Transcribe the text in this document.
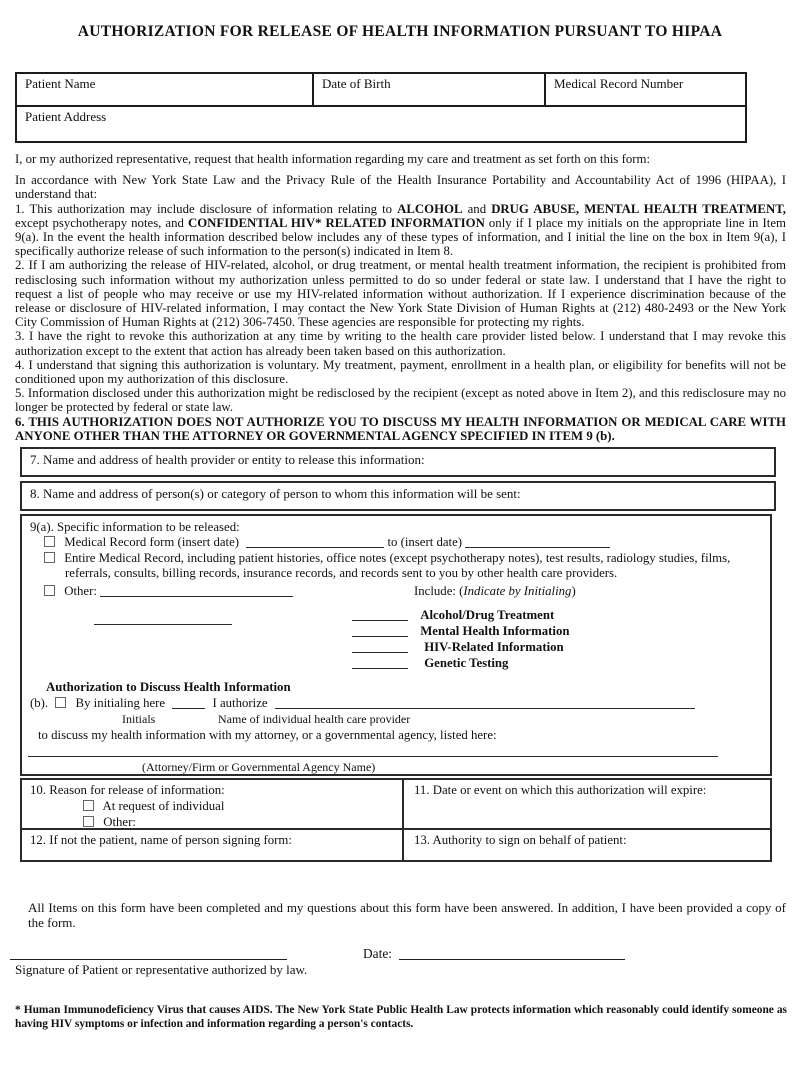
AUTHORIZATION FOR RELEASE OF HEALTH INFORMATION PURSUANT TO HIPAA
Patient Name	Date of Birth	Medical Record Number
Patient Address
I, or my authorized representative, request that health information regarding my care and treatment as set forth on this form:
In accordance with New York State Law and the Privacy Rule of the Health Insurance Portability and Accountability Act of 1996 (HIPAA), I understand that:
1. This authorization may include disclosure of information relating to ALCOHOL and DRUG ABUSE, MENTAL HEALTH TREATMENT, except psychotherapy notes, and CONFIDENTIAL HIV* RELATED INFORMATION only if I place my initials on the appropriate line in Item 9(a). In the event the health information described below includes any of these types of information, and I initial the line on the box in Item 9(a), I specifically authorize release of such information to the person(s) indicated in Item 8.
2. If I am authorizing the release of HIV-related, alcohol, or drug treatment, or mental health treatment information, the recipient is prohibited from redisclosing such information without my authorization unless permitted to do so under federal or state law. I understand that I have the right to request a list of people who may receive or use my HIV-related information without authorization. If I experience discrimination because of the release or disclosure of HIV-related information, I may contact the New York State Division of Human Rights at (212) 480-2493 or the New York City Commission of Human Rights at (212) 306-7450. These agencies are responsible for protecting my rights.
3. I have the right to revoke this authorization at any time by writing to the health care provider listed below. I understand that I may revoke this authorization except to the extent that action has already been taken based on this authorization.
4. I understand that signing this authorization is voluntary. My treatment, payment, enrollment in a health plan, or eligibility for benefits will not be conditioned upon my authorization of this disclosure.
5. Information disclosed under this authorization might be redisclosed by the recipient (except as noted above in Item 2), and this redisclosure may no longer be protected by federal or state law.
6. THIS AUTHORIZATION DOES NOT AUTHORIZE YOU TO DISCUSS MY HEALTH INFORMATION OR MEDICAL CARE WITH ANYONE OTHER THAN THE ATTORNEY OR GOVERNMENTAL AGENCY SPECIFIED IN ITEM 9 (b).
7. Name and address of health provider or entity to release this information:
8. Name and address of person(s) or category of person to whom this information will be sent:
9(a). Specific information to be released:
Medical Record form (insert date)	to (insert date)
Entire Medical Record, including patient histories, office notes (except psychotherapy notes), test results, radiology studies, films, referrals, consults, billing records, insurance records, and records sent to you by other health care providers.
Other:	Include: (Indicate by Initialing)
Alcohol/Drug Treatment
Mental Health Information
HIV-Related Information
Genetic Testing
Authorization to Discuss Health Information
(b). By initialing here	I authorize
Initials	Name of individual health care provider
to discuss my health information with my attorney, or a governmental agency, listed here:
(Attorney/Firm or Governmental Agency Name)
10. Reason for release of information:
At request of individual
Other:
11. Date or event on which this authorization will expire:
12. If not the patient, name of person signing form:	13. Authority to sign on behalf of patient:
All Items on this form have been completed and my questions about this form have been answered. In addition, I have been provided a copy of the form.
Date:
Signature of Patient or representative authorized by law.
* Human Immunodeficiency Virus that causes AIDS. The New York State Public Health Law protects information which reasonably could identify someone as having HIV symptoms or infection and information regarding a person's contacts.
